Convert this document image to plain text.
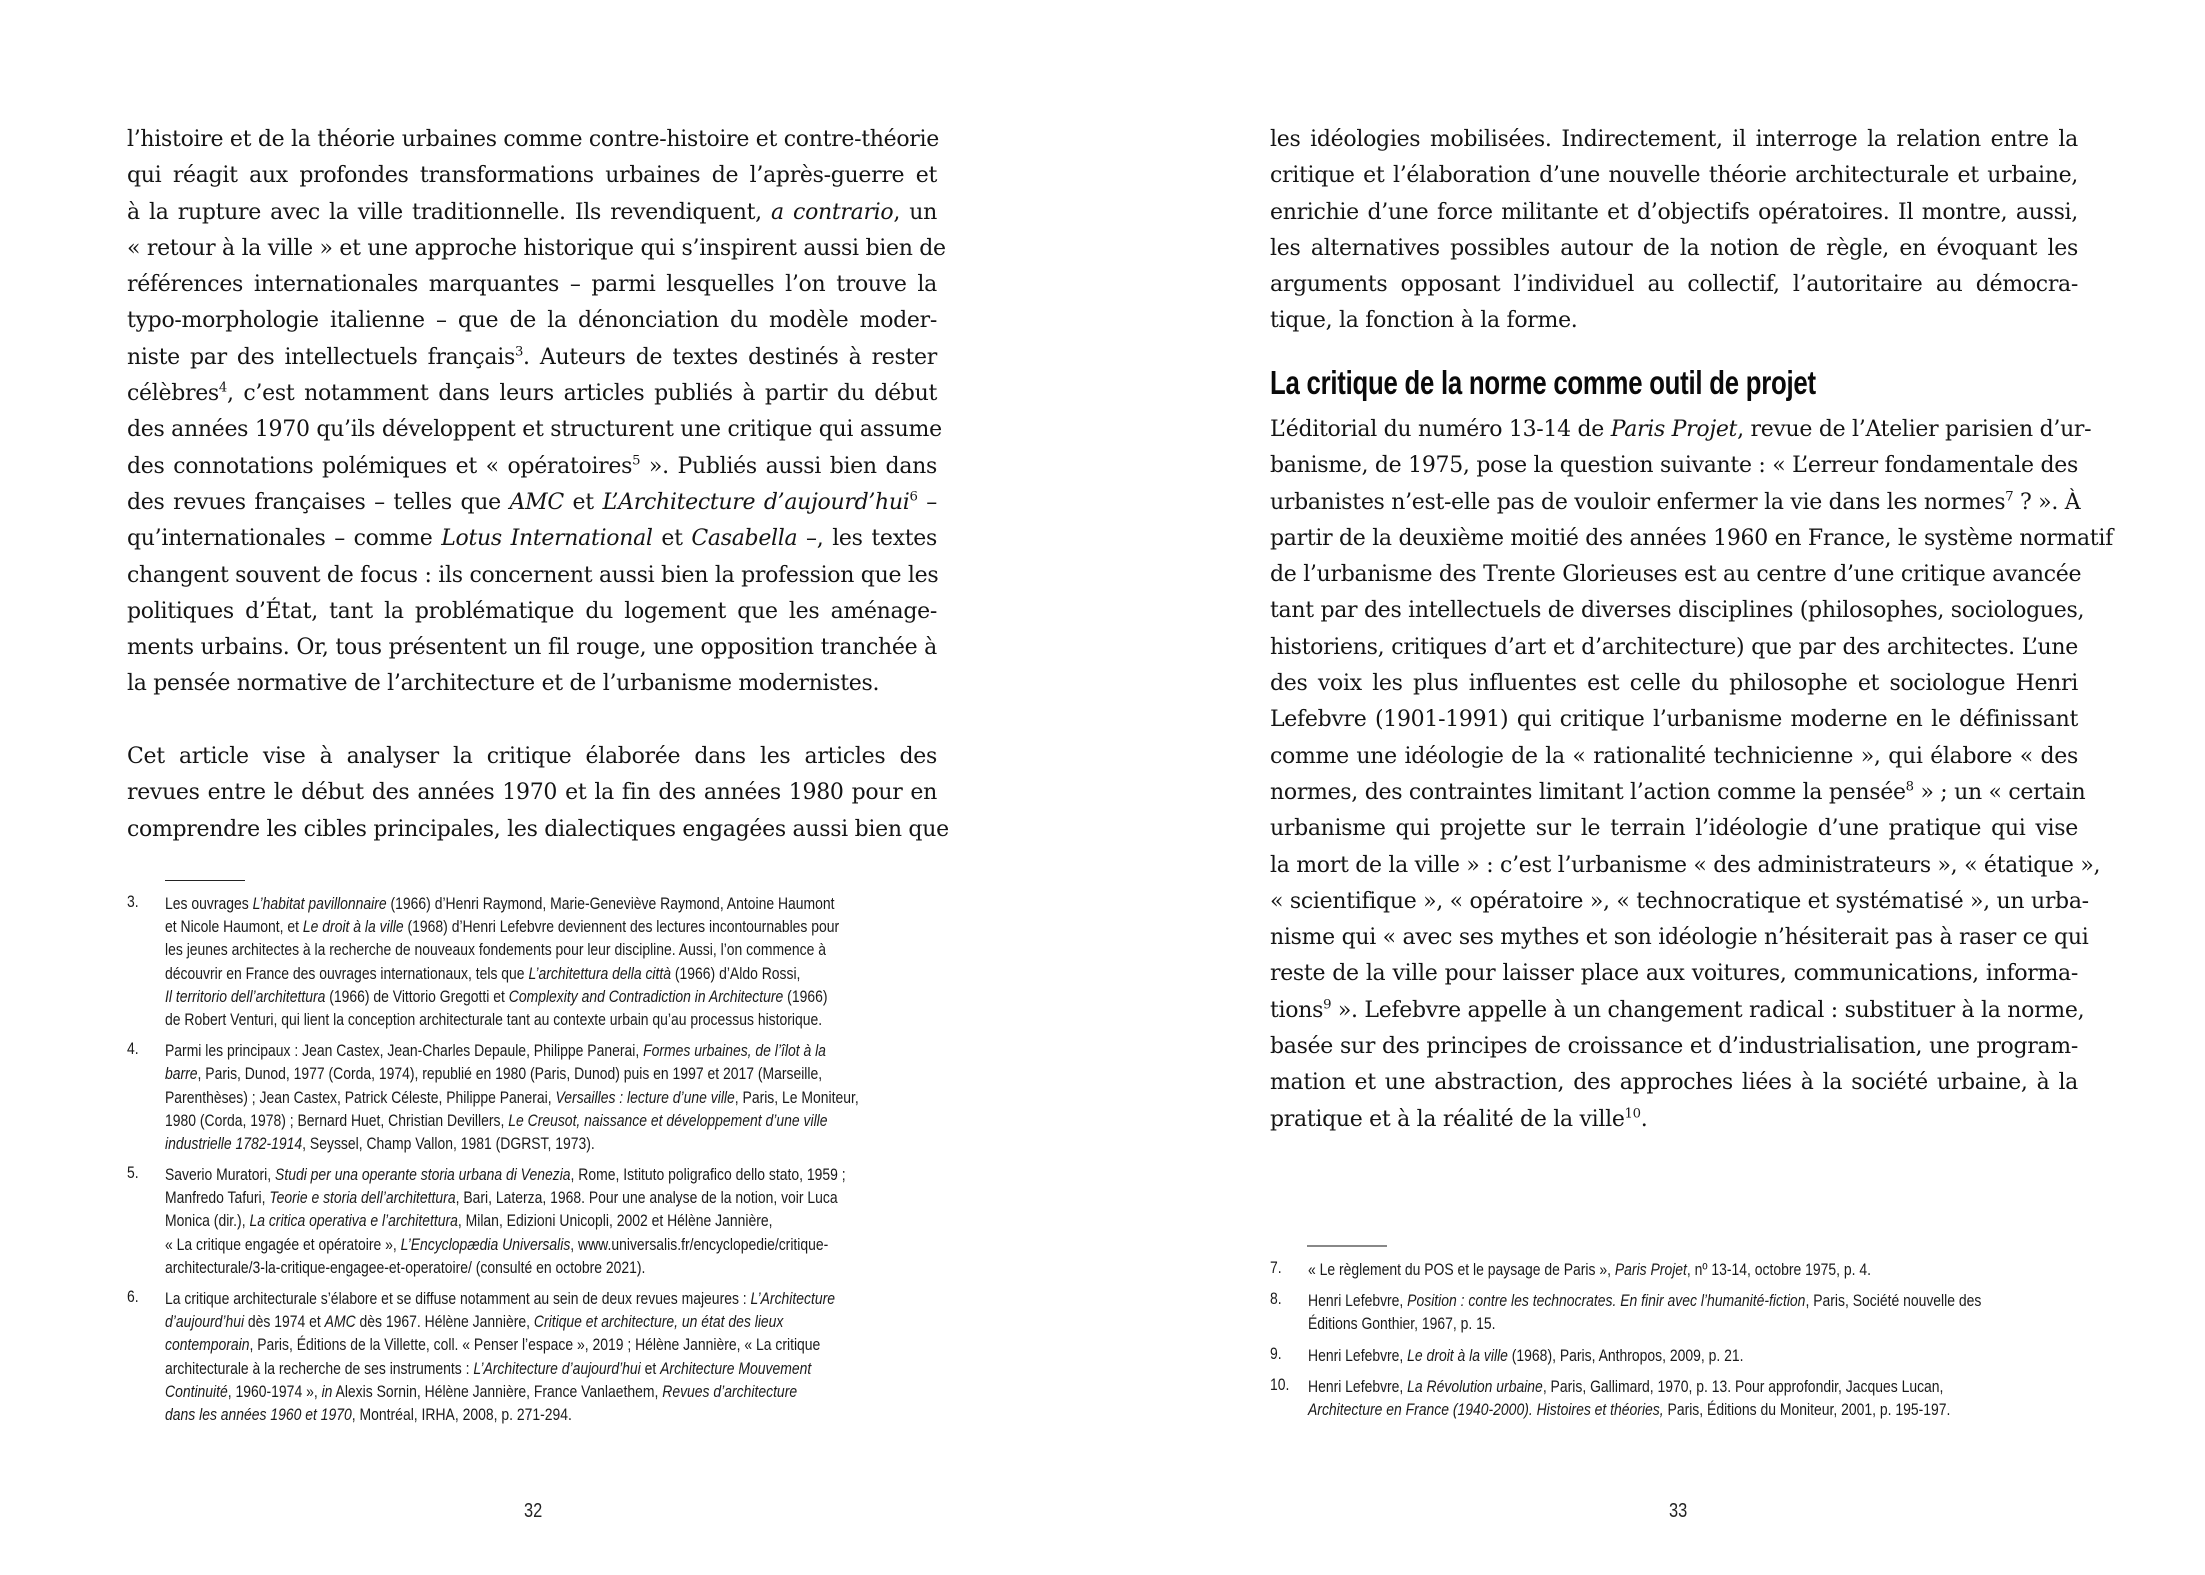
l’histoire et de la théorie urbaines comme contre-histoire et contre-théorie
qui réagit aux profondes transformations urbaines de l’après-guerre et
à la rupture avec la ville traditionnelle. Ils revendiquent, a contrario, un
« retour à la ville » et une approche historique qui s’inspirent aussi bien de
références internationales marquantes – parmi lesquelles l’on trouve la
typo-morphologie italienne – que de la dénonciation du modèle moder-
niste par des intellectuels français$^3$. Auteurs de textes destinés à rester
célèbres$^4$, c’est notamment dans leurs articles publiés à partir du début
des années 1970 qu’ils développent et structurent une critique qui assume
des connotations polémiques et « opératoires$^5$ ». Publiés aussi bien dans
des revues françaises – telles que AMC et L’Architecture d’aujourd’hui$^6$ –
qu’internationales – comme Lotus International et Casabella –, les textes
changent souvent de focus : ils concernent aussi bien la profession que les
politiques d’État, tant la problématique du logement que les aménage-
ments urbains. Or, tous présentent un fil rouge, une opposition tranchée à
la pensée normative de l’architecture et de l’urbanisme modernistes.
Cet article vise à analyser la critique élaborée dans les articles des
revues entre le début des années 1970 et la fin des années 1980 pour en
comprendre les cibles principales, les dialectiques engagées aussi bien que
3. Les ouvrages L’habitat pavillonnaire (1966) d’Henri Raymond, Marie-Geneviève Raymond, Antoine Haumont
et Nicole Haumont, et Le droit à la ville (1968) d’Henri Lefebvre deviennent des lectures incontournables pour
les jeunes architectes à la recherche de nouveaux fondements pour leur discipline. Aussi, l’on commence à
découvrir en France des ouvrages internationaux, tels que L’architettura della città (1966) d’Aldo Rossi,
Il territorio dell’architettura (1966) de Vittorio Gregotti et Complexity and Contradiction in Architecture (1966)
de Robert Venturi, qui lient la conception architecturale tant au contexte urbain qu’au processus historique.
4. Parmi les principaux : Jean Castex, Jean-Charles Depaule, Philippe Panerai, Formes urbaines, de l’îlot à la
barre, Paris, Dunod, 1977 (Corda, 1974), republié en 1980 (Paris, Dunod) puis en 1997 et 2017 (Marseille,
Parenthèses) ; Jean Castex, Patrick Céleste, Philippe Panerai, Versailles : lecture d’une ville, Paris, Le Moniteur,
1980 (Corda, 1978) ; Bernard Huet, Christian Devillers, Le Creusot, naissance et développement d’une ville
industrielle 1782-1914, Seyssel, Champ Vallon, 1981 (DGRST, 1973).
5. Saverio Muratori, Studi per una operante storia urbana di Venezia, Rome, Istituto poligrafico dello stato, 1959 ;
Manfredo Tafuri, Teorie e storia dell’architettura, Bari, Laterza, 1968. Pour une analyse de la notion, voir Luca
Monica (dir.), La critica operativa e l’architettura, Milan, Edizioni Unicopli, 2002 et Hélène Jannière,
« La critique engagée et opératoire », L’Encyclopædia Universalis, www.universalis.fr/encyclopedie/critique-
architecturale/3-la-critique-engagee-et-operatoire/ (consulté en octobre 2021).
6. La critique architecturale s’élabore et se diffuse notamment au sein de deux revues majeures : L’Architecture
d’aujourd’hui dès 1974 et AMC dès 1967. Hélène Jannière, Critique et architecture, un état des lieux
contemporain, Paris, Éditions de la Villette, coll. « Penser l’espace », 2019 ; Hélène Jannière, « La critique
architecturale à la recherche de ses instruments : L’Architecture d’aujourd’hui et Architecture Mouvement
Continuité, 1960-1974 », in Alexis Sornin, Hélène Jannière, France Vanlaethem, Revues d’architecture
dans les années 1960 et 1970, Montréal, IRHA, 2008, p. 271-294.
32
les idéologies mobilisées. Indirectement, il interroge la relation entre la
critique et l’élaboration d’une nouvelle théorie architecturale et urbaine,
enrichie d’une force militante et d’objectifs opératoires. Il montre, aussi,
les alternatives possibles autour de la notion de règle, en évoquant les
arguments opposant l’individuel au collectif, l’autoritaire au démocra-
tique, la fonction à la forme.
La critique de la norme comme outil de projet
L’éditorial du numéro 13-14 de Paris Projet, revue de l’Atelier parisien d’ur-
banisme, de 1975, pose la question suivante : « L’erreur fondamentale des
urbanistes n’est-elle pas de vouloir enfermer la vie dans les normes$^7$ ? ». À
partir de la deuxième moitié des années 1960 en France, le système normatif
de l’urbanisme des Trente Glorieuses est au centre d’une critique avancée
tant par des intellectuels de diverses disciplines (philosophes, sociologues,
historiens, critiques d’art et d’architecture) que par des architectes. L’une
des voix les plus influentes est celle du philosophe et sociologue Henri
Lefebvre (1901-1991) qui critique l’urbanisme moderne en le définissant
comme une idéologie de la « rationalité technicienne », qui élabore « des
normes, des contraintes limitant l’action comme la pensée$^8$ » ; un « certain
urbanisme qui projette sur le terrain l’idéologie d’une pratique qui vise
la mort de la ville » : c’est l’urbanisme « des administrateurs », « étatique »,
« scientifique », « opératoire », « technocratique et systématisé », un urba-
nisme qui « avec ses mythes et son idéologie n’hésiterait pas à raser ce qui
reste de la ville pour laisser place aux voitures, communications, informa-
tions$^9$ ». Lefebvre appelle à un changement radical : substituer à la norme,
basée sur des principes de croissance et d’industrialisation, une program-
mation et une abstraction, des approches liées à la société urbaine, à la
pratique et à la réalité de la ville$^{10}$.
7. « Le règlement du POS et le paysage de Paris », Paris Projet, nº 13-14, octobre 1975, p. 4.
8. Henri Lefebvre, Position : contre les technocrates. En finir avec l’humanité-fiction, Paris, Société nouvelle des
Éditions Gonthier, 1967, p. 15.
9. Henri Lefebvre, Le droit à la ville (1968), Paris, Anthropos, 2009, p. 21.
10. Henri Lefebvre, La Révolution urbaine, Paris, Gallimard, 1970, p. 13. Pour approfondir, Jacques Lucan,
Architecture en France (1940-2000). Histoires et théories, Paris, Éditions du Moniteur, 2001, p. 195-197.
33
